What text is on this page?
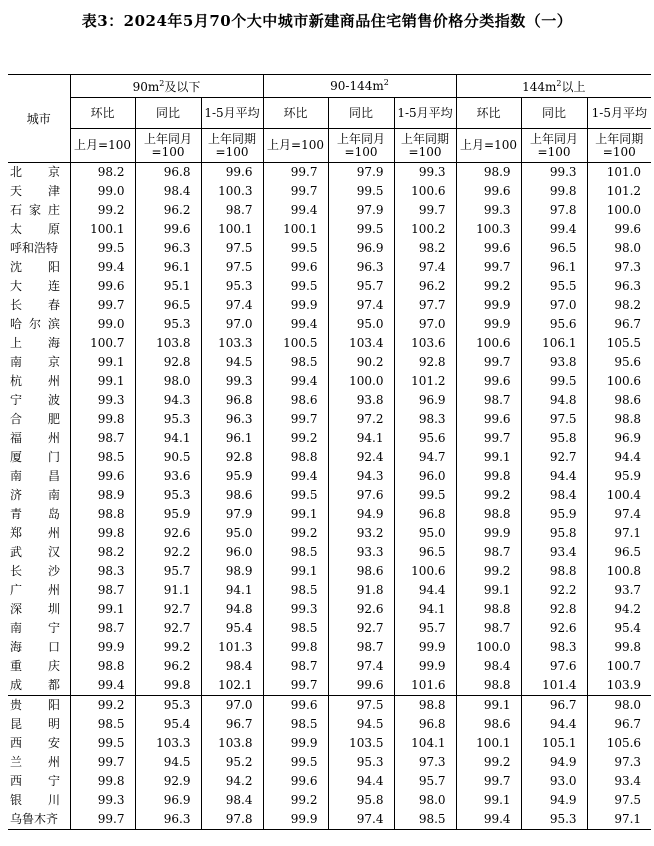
表3：2024年5月70个大中城市新建商品住宅销售价格分类指数（一）
城市	$90m^2$及以下			$90-144m^2$			$144m^2$以上		
	环比	同比	1-5月平均	环比	同比	1-5月平均	环比	同比	1-5月平均
	上月=100	上年同月=100	上年同期=100	上月=100	上年同月=100	上年同期=100	上月=100	上年同月=100	上年同期=100

北 京	98.2	96.8	99.6	99.7	97.9	99.3	98.9	99.3	101.0

天 津	99.0	98.4	100.3	99.7	99.5	100.6	99.6	99.8	101.2

石 家 庄	99.2	96.2	98.7	99.4	97.9	99.7	99.3	97.8	100.0

太 原	100.1	99.6	100.1	100.1	99.5	100.2	100.3	99.4	99.6

呼和浩特	99.5	96.3	97.5	99.5	96.9	98.2	99.6	96.5	98.0

沈 阳	99.4	96.1	97.5	99.6	96.3	97.4	99.7	96.1	97.3

大 连	99.6	95.1	95.3	99.5	95.7	96.2	99.2	95.5	96.3

长 春	99.7	96.5	97.4	99.9	97.4	97.7	99.9	97.0	98.2

哈 尔 滨	99.0	95.3	97.0	99.4	95.0	97.0	99.9	95.6	96.7

上 海	100.7	103.8	103.3	100.5	103.4	103.6	100.6	106.1	105.5

南 京	99.1	92.8	94.5	98.5	90.2	92.8	99.7	93.8	95.6

杭 州	99.1	98.0	99.3	99.4	100.0	101.2	99.6	99.5	100.6

宁 波	99.3	94.3	96.8	98.6	93.8	96.9	98.7	94.8	98.6

合 肥	99.8	95.3	96.3	99.7	97.2	98.3	99.6	97.5	98.8

福 州	98.7	94.1	96.1	99.2	94.1	95.6	99.7	95.8	96.9

厦 门	98.5	90.5	92.8	98.8	92.4	94.7	99.1	92.7	94.4

南 昌	99.6	93.6	95.9	99.4	94.3	96.0	99.8	94.4	95.9

济 南	98.9	95.3	98.6	99.5	97.6	99.5	99.2	98.4	100.4

青 岛	98.8	95.9	97.9	99.1	94.9	96.8	98.8	95.9	97.4

郑 州	99.8	92.6	95.0	99.2	93.2	95.0	99.9	95.8	97.1

武 汉	98.2	92.2	96.0	98.5	93.3	96.5	98.7	93.4	96.5

长 沙	98.3	95.7	98.9	99.1	98.6	100.6	99.2	98.8	100.8

广 州	98.7	91.1	94.1	98.5	91.8	94.4	99.1	92.2	93.7

深 圳	99.1	92.7	94.8	99.3	92.6	94.1	98.8	92.8	94.2

南 宁	98.7	92.7	95.4	98.5	92.7	95.7	98.7	92.6	95.4

海 口	99.9	99.2	101.3	99.8	98.7	99.9	100.0	98.3	99.8

重 庆	98.8	96.2	98.4	98.7	97.4	99.9	98.4	97.6	100.7

成 都	99.4	99.8	102.1	99.7	99.6	101.6	98.8	101.4	103.9

贵 阳	99.2	95.3	97.0	99.6	97.5	98.8	99.1	96.7	98.0

昆 明	98.5	95.4	96.7	98.5	94.5	96.8	98.6	94.4	96.7

西 安	99.5	103.3	103.8	99.9	103.5	104.1	100.1	105.1	105.6

兰 州	99.7	94.5	95.2	99.5	95.3	97.3	99.2	94.9	97.3

西 宁	99.8	92.9	94.2	99.6	94.4	95.7	99.7	93.0	93.4

银 川	99.3	96.9	98.4	99.2	95.8	98.0	99.1	94.9	97.5

乌鲁木齐	99.7	96.3	97.8	99.9	97.4	98.5	99.4	95.3	97.1
